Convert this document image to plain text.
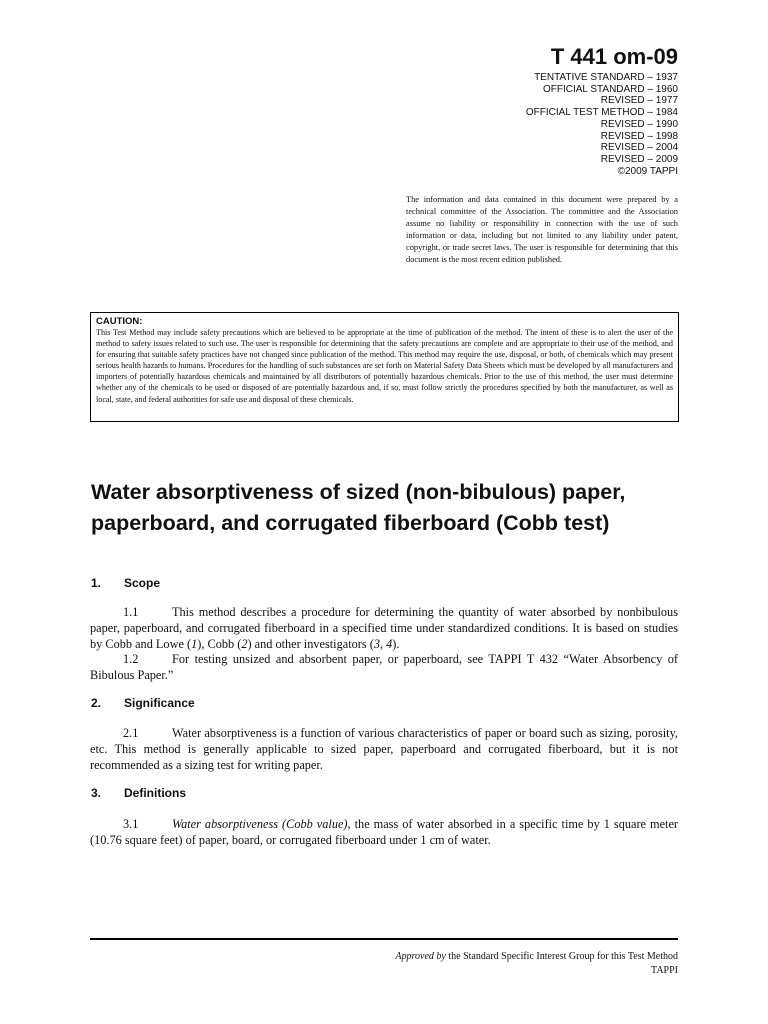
T 441 om-09
TENTATIVE STANDARD – 1937
OFFICIAL STANDARD – 1960
REVISED – 1977
OFFICIAL TEST METHOD – 1984
REVISED – 1990
REVISED – 1998
REVISED – 2004
REVISED – 2009
©2009 TAPPI
The information and data contained in this document were prepared by a technical committee of the Association. The committee and the Association assume no liability or responsibility in connection with the use of such information or data, including but not limited to any liability under patent, copyright, or trade secret laws. The user is responsible for determining that this document is the most recent edition published.
CAUTION:
This Test Method may include safety precautions which are believed to be appropriate at the time of publication of the method. The intent of these is to alert the user of the method to safety issues related to such use. The user is responsible for determining that the safety precautions are complete and are appropriate to their use of the method, and for ensuring that suitable safety practices have not changed since publication of the method. This method may require the use, disposal, or both, of chemicals which may present serious health hazards to humans. Procedures for the handling of such substances are set forth on Material Safety Data Sheets which must be developed by all manufacturers and importers of potentially hazardous chemicals and maintained by all distributors of potentially hazardous chemicals. Prior to the use of this method, the user must determine whether any of the chemicals to be used or disposed of are potentially hazardous and, if so, must follow strictly the procedures specified by both the manufacturer, as well as local, state, and federal authorities for safe use and disposal of these chemicals.
Water absorptiveness of sized (non-bibulous) paper,
paperboard, and corrugated fiberboard (Cobb test)
1. Scope
1.1	This method describes a procedure for determining the quantity of water absorbed by nonbibulous paper, paperboard, and corrugated fiberboard in a specified time under standardized conditions. It is based on studies by Cobb and Lowe (1), Cobb (2) and other investigators (3, 4).
1.2	For testing unsized and absorbent paper, or paperboard, see TAPPI T 432 “Water Absorbency of Bibulous Paper.”
2. Significance
2.1	Water absorptiveness is a function of various characteristics of paper or board such as sizing, porosity, etc. This method is generally applicable to sized paper, paperboard and corrugated fiberboard, but it is not recommended as a sizing test for writing paper.
3. Definitions
3.1	Water absorptiveness (Cobb value), the mass of water absorbed in a specific time by 1 square meter (10.76 square feet) of paper, board, or corrugated fiberboard under 1 cm of water.
Approved by the Standard Specific Interest Group for this Test Method
TAPPI
